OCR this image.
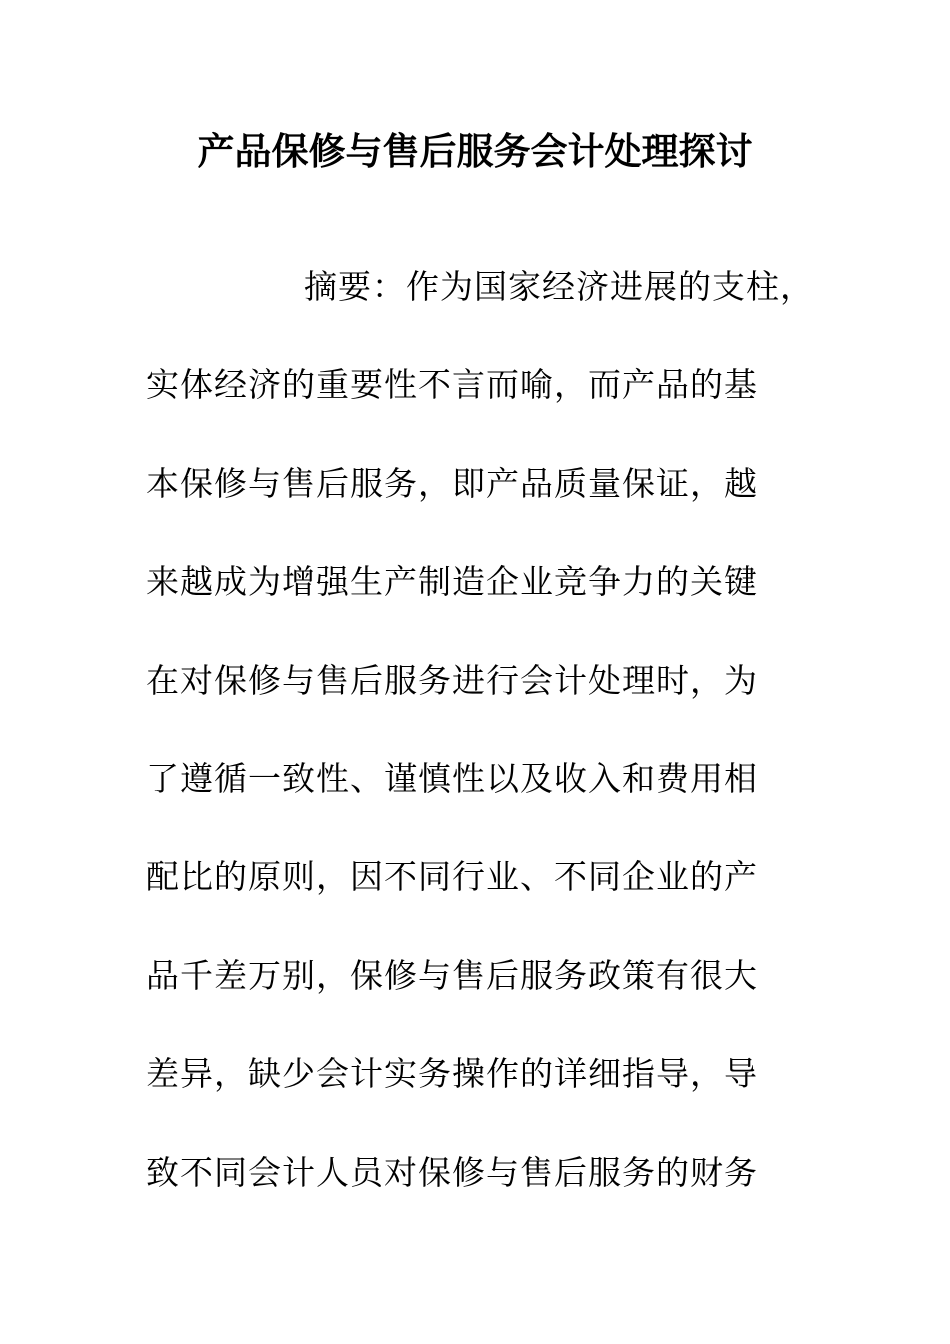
产品保修与售后服务会计处理探讨
摘要：作为国家经济进展的支柱，
实体经济的重要性不言而喻，而产品的基
本保修与售后服务，即产品质量保证，越
来越成为增强生产制造企业竞争力的关键
在对保修与售后服务进行会计处理时，为
了遵循一致性、谨慎性以及收入和费用相
配比的原则，因不同行业、不同企业的产
品千差万别，保修与售后服务政策有很大
差异，缺少会计实务操作的详细指导，导
致不同会计人员对保修与售后服务的财务
